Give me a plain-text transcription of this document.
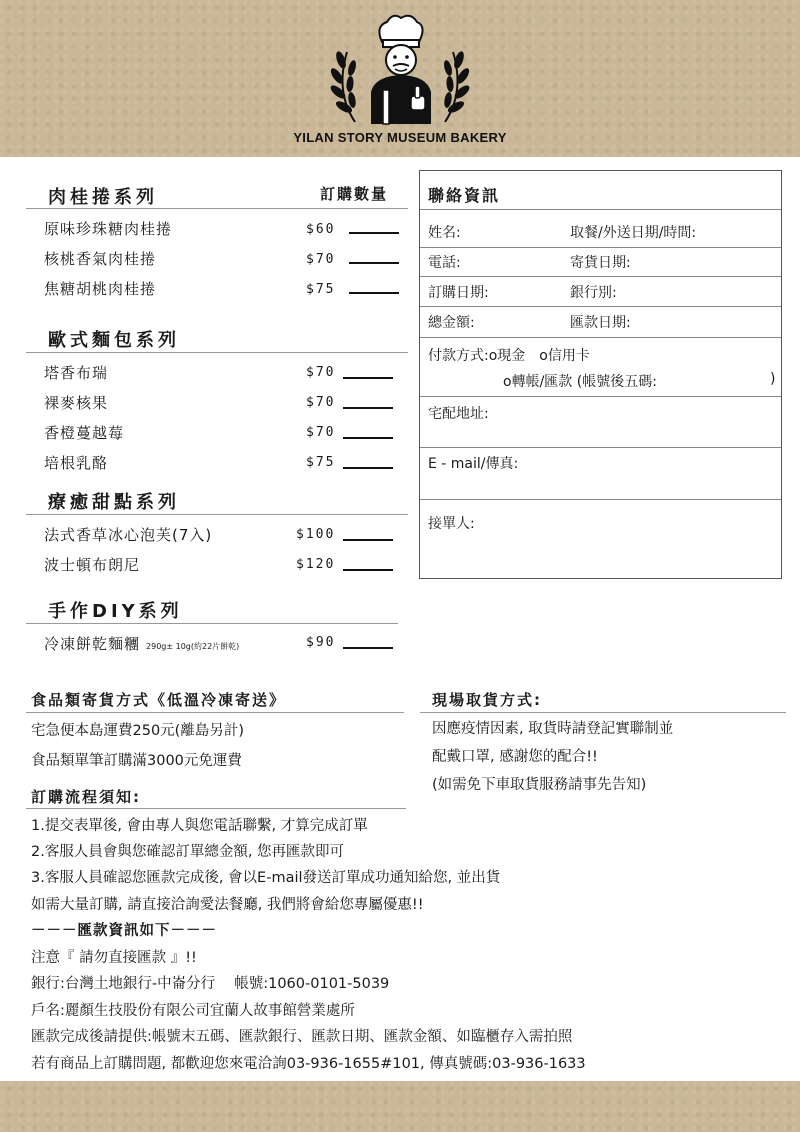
YILAN STORY MUSEUM BAKERY
訂購數量
肉桂捲系列
原味珍珠糖肉桂捲	$60
核桃香氣肉桂捲	$70
焦糖胡桃肉桂捲	$75
歐式麵包系列
塔香布瑞	$70
裸麥核果	$70
香橙蔓越莓	$70
培根乳酪	$75
療癒甜點系列
法式香草冰心泡芙(7入)	$100
波士頓布朗尼	$120
手作DIY系列
冷凍餅乾麵糰 290g± 10g(約22片餅乾)	$90
聯絡資訊
姓名:	取餐/外送日期/時間:
電話:	寄貨日期:
訂購日期:	銀行別:
總金額:	匯款日期:
付款方式:o現金　o信用卡
o轉帳/匯款 (帳號後五碼:	)
宅配地址:
E - mail/傳真:
接單人:
食品類寄貨方式《低溫冷凍寄送》
宅急便本島運費250元(離島另計)
食品類單筆訂購滿3000元免運費
現場取貨方式:
因應疫情因素, 取貨時請登記實聯制並
配戴口罩, 感謝您的配合!!
(如需免下車取貨服務請事先告知)
訂購流程須知:
1.提交表單後, 會由專人與您電話聯繫, 才算完成訂單
2.客服人員會與您確認訂單總金額, 您再匯款即可
3.客服人員確認您匯款完成後, 會以E-mail發送訂單成功通知給您, 並出貨
如需大量訂購, 請直接洽詢愛法餐廳, 我們將會給您專屬優惠!!
－－－匯款資訊如下－－－
注意『 請勿直接匯款 』!!
銀行:台灣土地銀行-中崙分行　 帳號:1060-0101-5039
戶名:麗顏生技股份有限公司宜蘭人故事館營業處所
匯款完成後請提供:帳號末五碼、匯款銀行、匯款日期、匯款金額、如臨櫃存入需拍照
若有商品上訂購問題, 都歡迎您來電洽詢03-936-1655#101, 傳真號碼:03-936-1633
